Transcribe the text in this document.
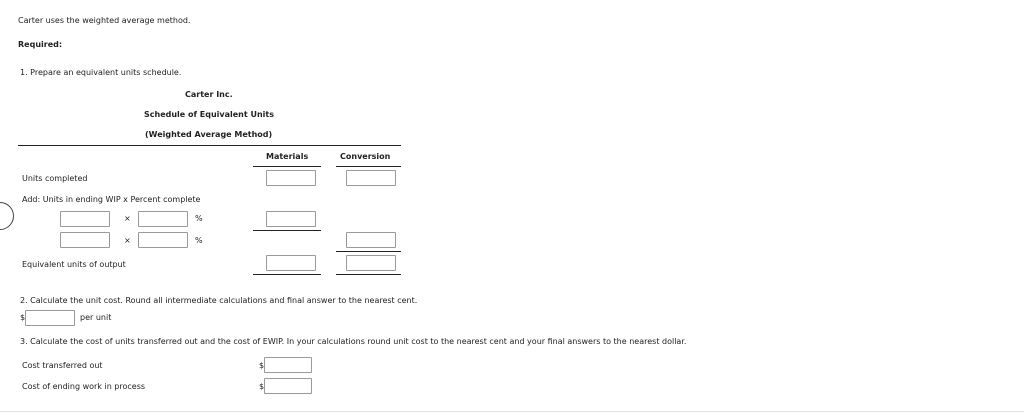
Carter uses the weighted average method.
Required:
1. Prepare an equivalent units schedule.
Carter Inc.
Schedule of Equivalent Units
(Weighted Average Method)
Materials	Conversion
Units completed
Add: Units in ending WIP x Percent complete
×	%
×	%
Equivalent units of output
2. Calculate the unit cost. Round all intermediate calculations and final answer to the nearest cent.
$	per unit
3. Calculate the cost of units transferred out and the cost of EWIP. In your calculations round unit cost to the nearest cent and your final answers to the nearest dollar.
Cost transferred out	$
Cost of ending work in process	$
